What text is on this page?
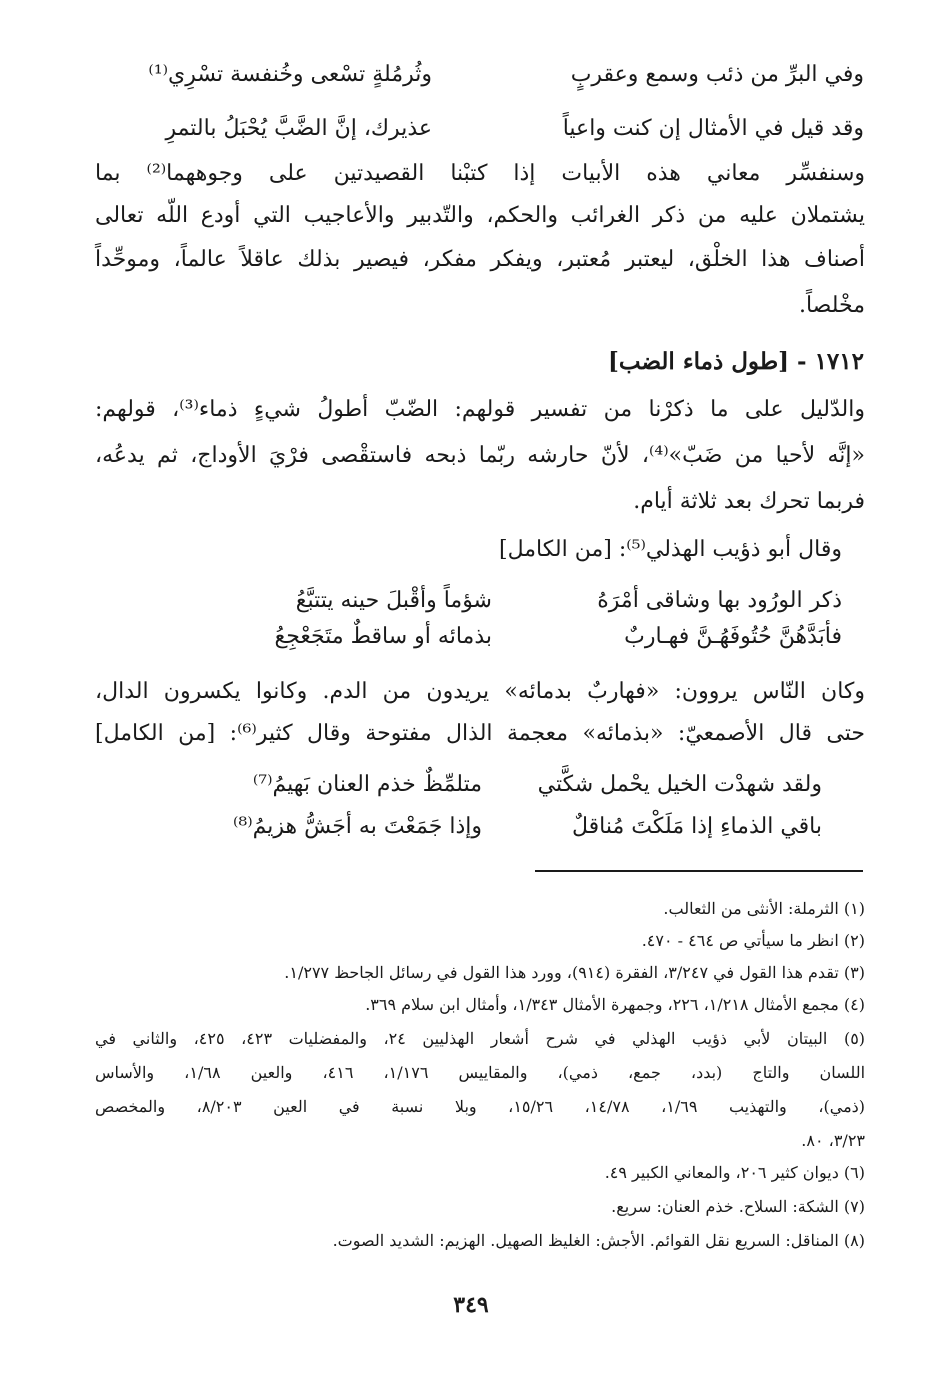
وفي البرِّ من ذئب وسمع وعقربٍ
وثُرمُلةٍ تسْعى وخُنفسة تسْرِي⁽¹⁾
وقد قيل في الأمثال إن كنت واعياً
عذيرك، إنَّ الضَّبَّ يُحْبَلُ بالتمرِ
وسنفسِّر معاني هذه الأبيات إذا كتبْنا القصيدتين على وجوههما⁽²⁾ بما
يشتملان عليه من ذكر الغرائب والحكم، والتّدبير والأعاجيب التي أودع اللّه تعالى
أصناف هذا الخلْق، ليعتبر مُعتبر، ويفكر مفكر، فيصير بذلك عاقلاً عالماً، وموحِّداً
مخْلصاً.
١٧١٢ - [طول ذماء الضب]
والدّليل على ما ذكرْنا من تفسير قولهم: الضّبّ أطولُ شيءٍ ذماء⁽³⁾، قولهم:
«إنَّه لأحيا من ضَبّ»⁽⁴⁾، لأنّ حارشه ربّما ذبحه فاستقْصى فرْيَ الأوداج، ثم يدعُه،
فربما تحرك بعد ثلاثة أيام.
وقال أبو ذؤيب الهذلي⁽⁵⁾: [من الكامل]
ذكر الورُود بها وشاقى أمْرَهُ
شؤماً وأقْبلَ حينه يتتبَّعُ
فأبَدَّهُنَّ حُتُوفَهُـنَّ فهـاربٌ
بذمائه أو ساقطٌ متَجَعْجِعُ
وكان النّاس يروون: «فهاربٌ بدمائه» يريدون من الدم. وكانوا يكسرون الدال،
حتى قال الأصمعيّ: «بذمائه» معجمة الذال مفتوحة وقال كثير⁽⁶⁾: [من الكامل]
ولقد شهدْت الخيل يحْمل شكَّتي
متلمِّظٌ خذم العنان بَهيمُ⁽⁷⁾
باقي الذماءِ إذا مَلَكْتَ مُناقلٌ
وإذا جَمَعْتَ به أجَشُّ هزيمُ⁽⁸⁾
(١) الثرملة: الأنثى من الثعالب.
(٢) انظر ما سيأتي ص ٤٦٤ - ٤٧٠.
(٣) تقدم هذا القول في ٣/٢٤٧، الفقرة (٩١٤)، وورد هذا القول في رسائل الجاحظ ١/٢٧٧.
(٤) مجمع الأمثال ١/٢١٨، ٢٢٦، وجمهرة الأمثال ١/٣٤٣، وأمثال ابن سلام ٣٦٩.
(٥) البيتان لأبي ذؤيب الهذلي في شرح أشعار الهذليين ٢٤، والمفضليات ٤٢٣، ٤٢٥، والثاني في
اللسان والتاج (بدد، جمع، ذمي)، والمقاييس ١/١٧٦، ٤١٦، والعين ١/٦٨، والأساس
(ذمي)، والتهذيب ١/٦٩، ١٤/٧٨، ١٥/٢٦، وبلا نسبة في العين ٨/٢٠٣، والمخصص
٣/٢٣، ٨٠.
(٦) ديوان كثير ٢٠٦، والمعاني الكبير ٤٩.
(٧) الشكة: السلاح. خذم العنان: سريع.
(٨) المناقل: السريع نقل القوائم. الأجش: الغليظ الصهيل. الهزيم: الشديد الصوت.
٣٤٩
